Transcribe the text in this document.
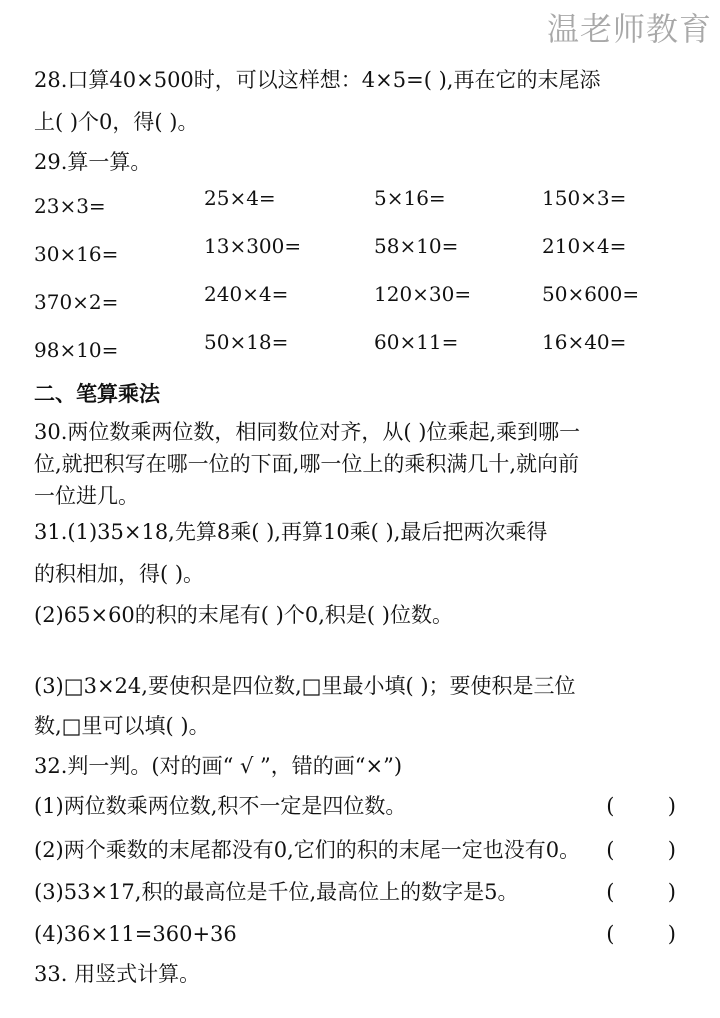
温老师教育
28.口算40×500时，可以这样想：4×5=( ),再在它的末尾添
上( )个0，得( )。
29.算一算。
23×3=	25×4=	5×16=	150×3=
30×16=	13×300=	58×10=	210×4=
370×2=	240×4=	120×30=	50×600=
98×10=	50×18=	60×11=	16×40=
二、笔算乘法
30.两位数乘两位数，相同数位对齐，从( )位乘起,乘到哪一
位,就把积写在哪一位的下面,哪一位上的乘积满几十,就向前
一位进几。
31.(1)35×18,先算8乘( ),再算10乘( ),最后把两次乘得
的积相加，得( )。
(2)65×60的积的末尾有( )个0,积是( )位数。
(3)□3×24,要使积是四位数,□里最小填( )；要使积是三位
数,□里可以填( )。
32.判一判。(对的画“ √ ”，错的画“×”)
(1)两位数乘两位数,积不一定是四位数。	(        )
(2)两个乘数的末尾都没有0,它们的积的末尾一定也没有0。 (        )
(3)53×17,积的最高位是千位,最高位上的数字是5。	(        )
(4)36×11=360+36	(        )
33. 用竖式计算。
